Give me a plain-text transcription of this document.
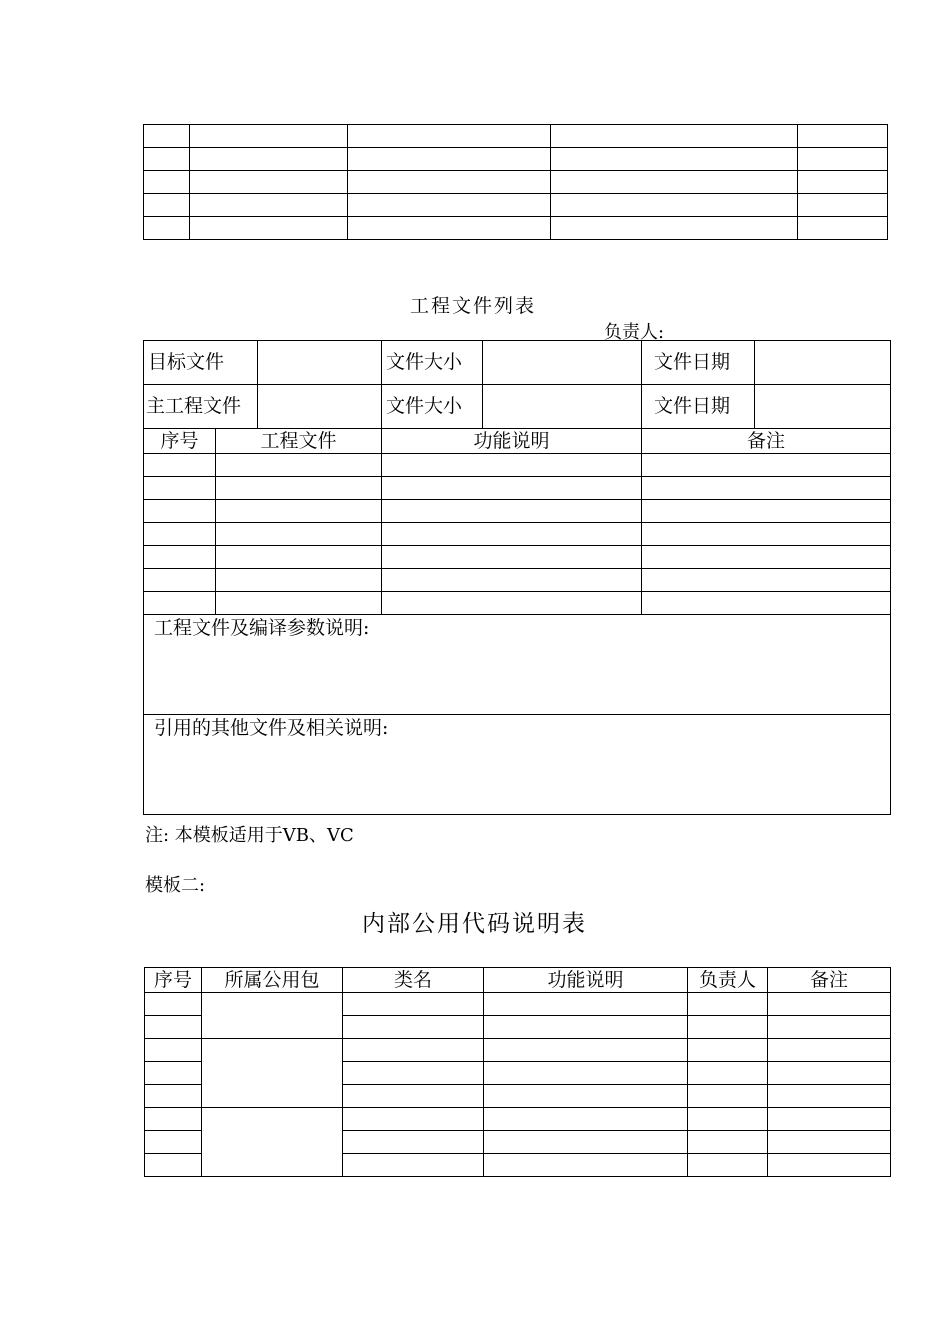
工程文件列表
负责人:
目标文件			文件大小		文件日期	
主工程文件			文件大小		文件日期	
序号	工程文件		功能说明		备注	

工程文件及编译参数说明:						
引用的其他文件及相关说明:						
注: 本模板适用于VB、VC
模板二:
内部公用代码说明表
序号	所属公用包	类名	功能说明	负责人	备注
